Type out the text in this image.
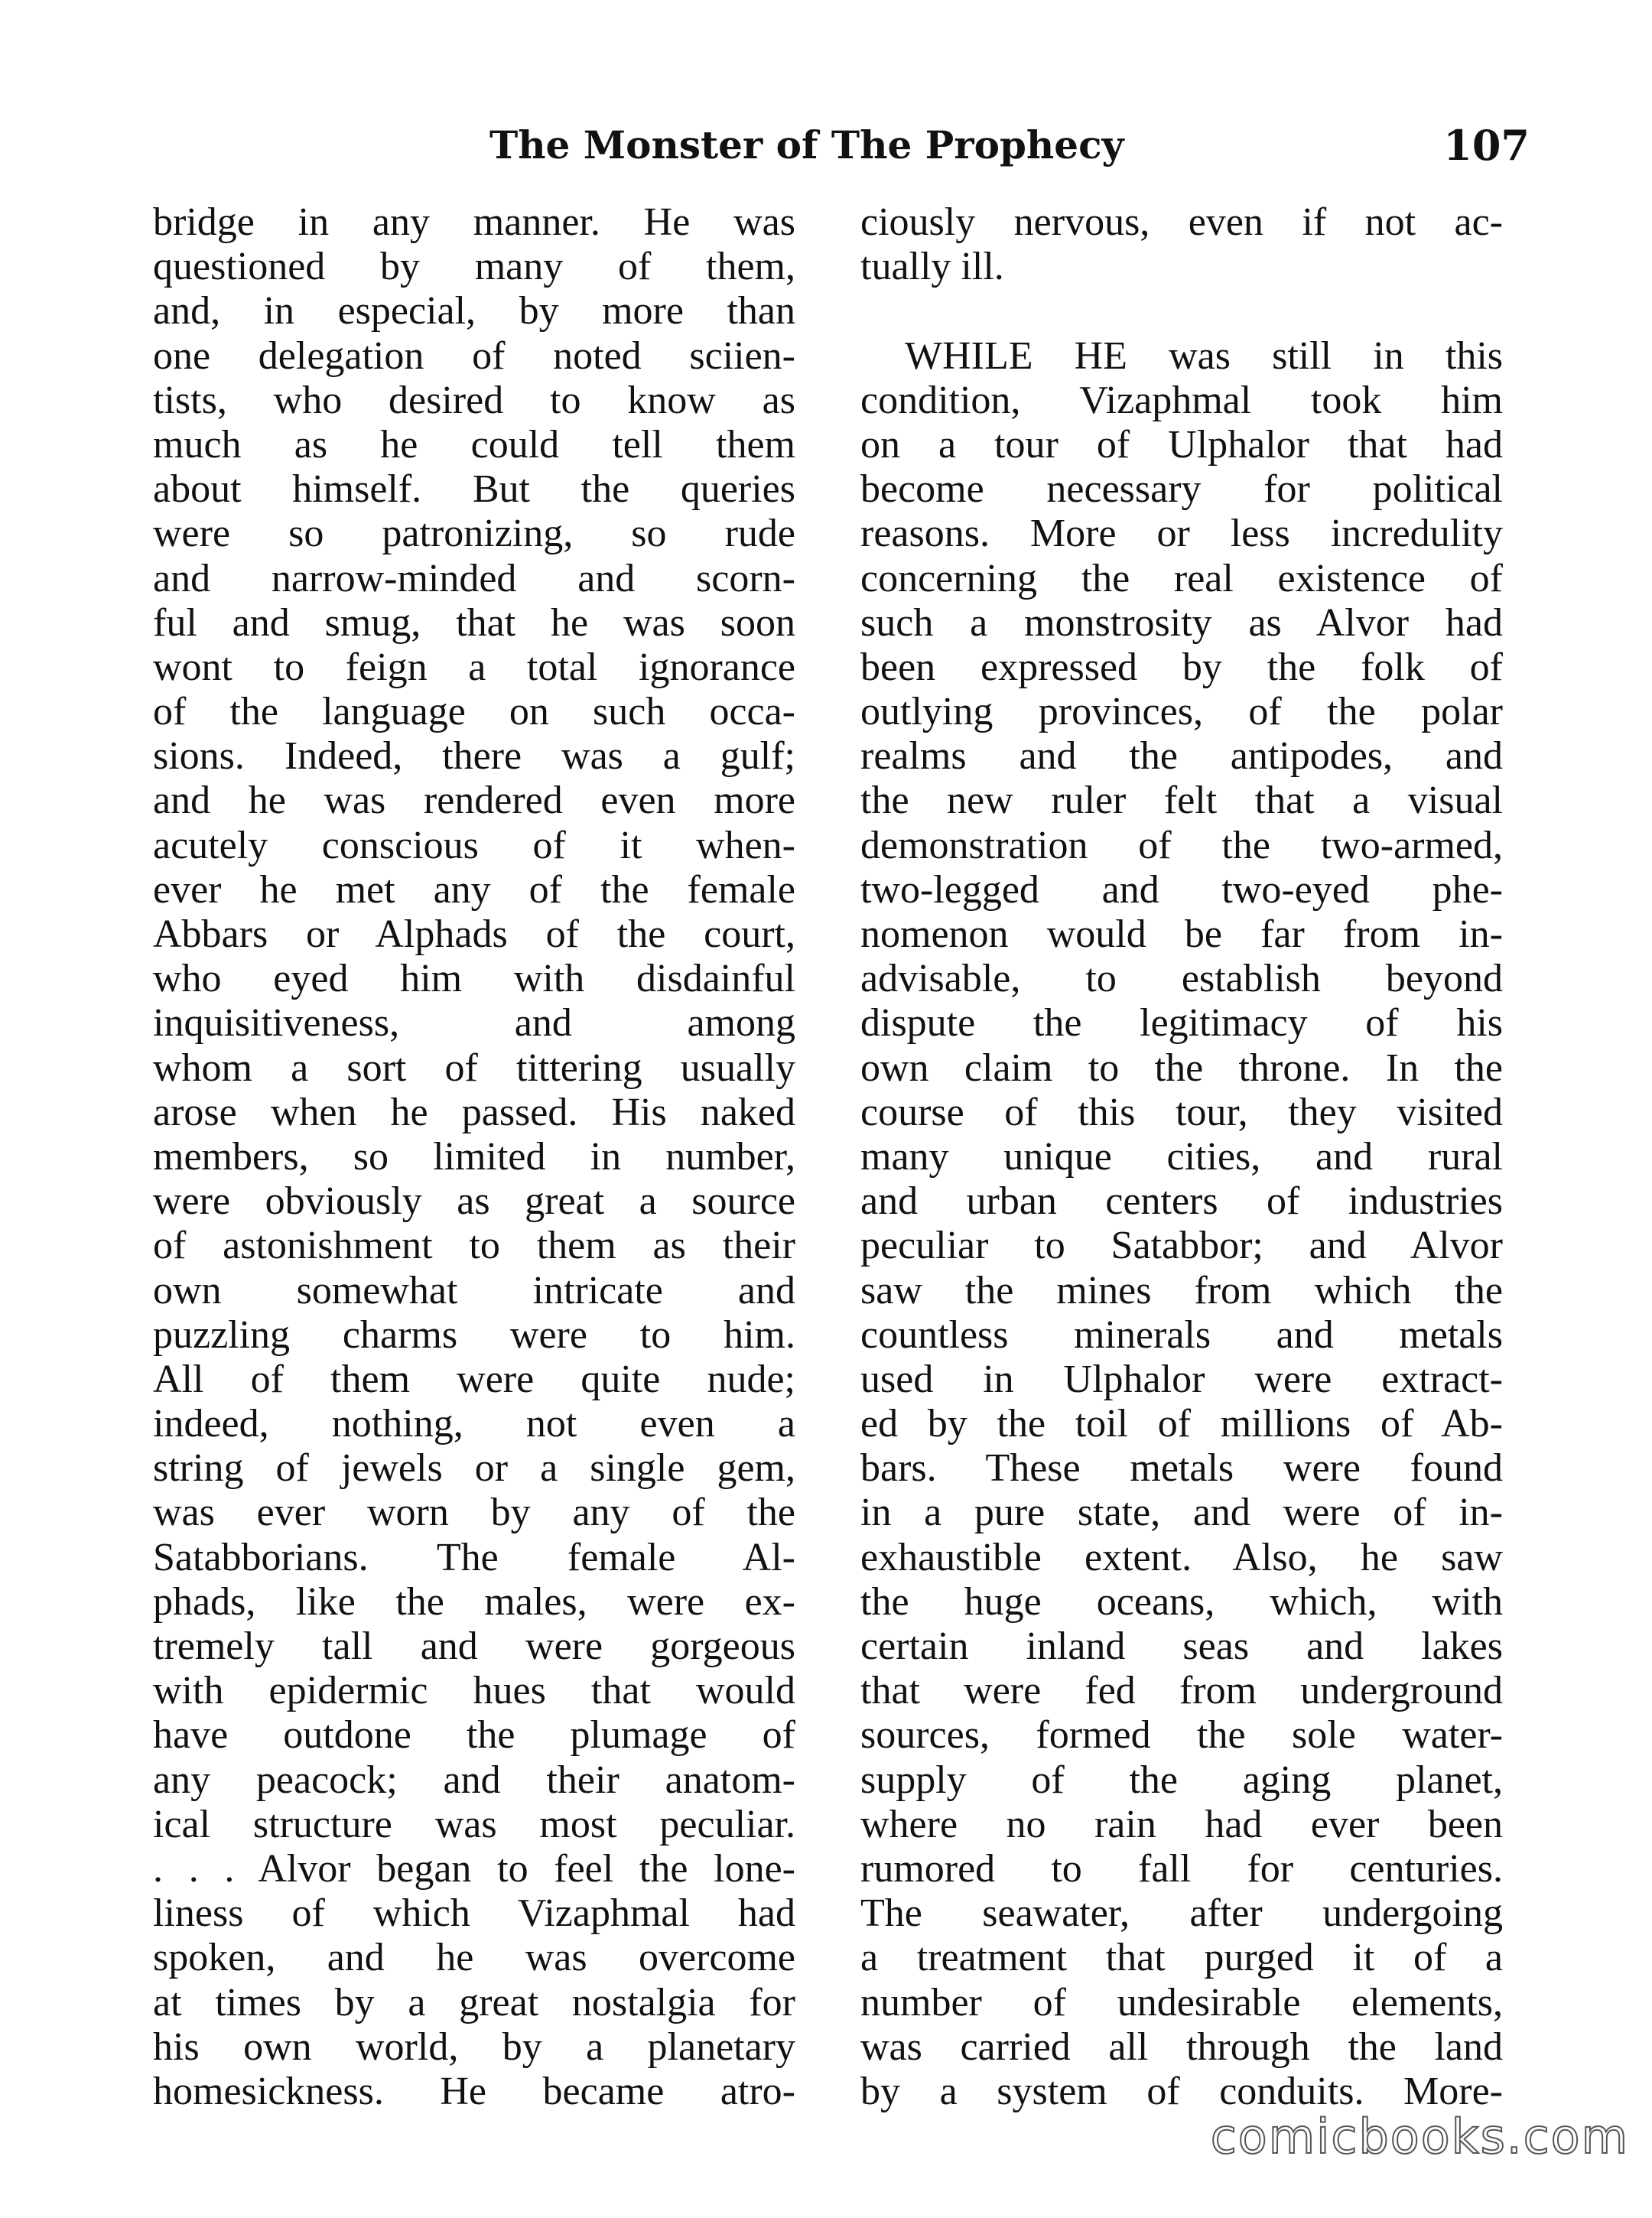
The Monster of The Prophecy	107
bridge in any manner. He was
questioned by many of them,
and, in especial, by more than
one delegation of noted sciien-
tists, who desired to know as
much as he could tell them
about himself. But the queries
were so patronizing, so rude
and narrow-minded and scorn-
ful and smug, that he was soon
wont to feign a total ignorance
of the language on such occa-
sions. Indeed, there was a gulf;
and he was rendered even more
acutely conscious of it when-
ever he met any of the female
Abbars or Alphads of the court,
who eyed him with disdainful
inquisitiveness, and among
whom a sort of tittering usually
arose when he passed. His naked
members, so limited in number,
were obviously as great a source
of astonishment to them as their
own somewhat intricate and
puzzling charms were to him.
All of them were quite nude;
indeed, nothing, not even a
string of jewels or a single gem,
was ever worn by any of the
Satabborians. The female Al-
phads, like the males, were ex-
tremely tall and were gorgeous
with epidermic hues that would
have outdone the plumage of
any peacock; and their anatom-
ical structure was most peculiar.
. . . Alvor began to feel the lone-
liness of which Vizaphmal had
spoken, and he was overcome
at times by a great nostalgia for
his own world, by a planetary
homesickness. He became atro-
ciously nervous, even if not ac-
tually ill.
WHILE HE was still in this
condition, Vizaphmal took him
on a tour of Ulphalor that had
become necessary for political
reasons. More or less incredulity
concerning the real existence of
such a monstrosity as Alvor had
been expressed by the folk of
outlying provinces, of the polar
realms and the antipodes, and
the new ruler felt that a visual
demonstration of the two-armed,
two-legged and two-eyed phe-
nomenon would be far from in-
advisable, to establish beyond
dispute the legitimacy of his
own claim to the throne. In the
course of this tour, they visited
many unique cities, and rural
and urban centers of industries
peculiar to Satabbor; and Alvor
saw the mines from which the
countless minerals and metals
used in Ulphalor were extract-
ed by the toil of millions of Ab-
bars. These metals were found
in a pure state, and were of in-
exhaustible extent. Also, he saw
the huge oceans, which, with
certain inland seas and lakes
that were fed from underground
sources, formed the sole water-
supply of the aging planet,
where no rain had ever been
rumored to fall for centuries.
The seawater, after undergoing
a treatment that purged it of a
number of undesirable elements,
was carried all through the land
by a system of conduits. More-
comicbooks.com
